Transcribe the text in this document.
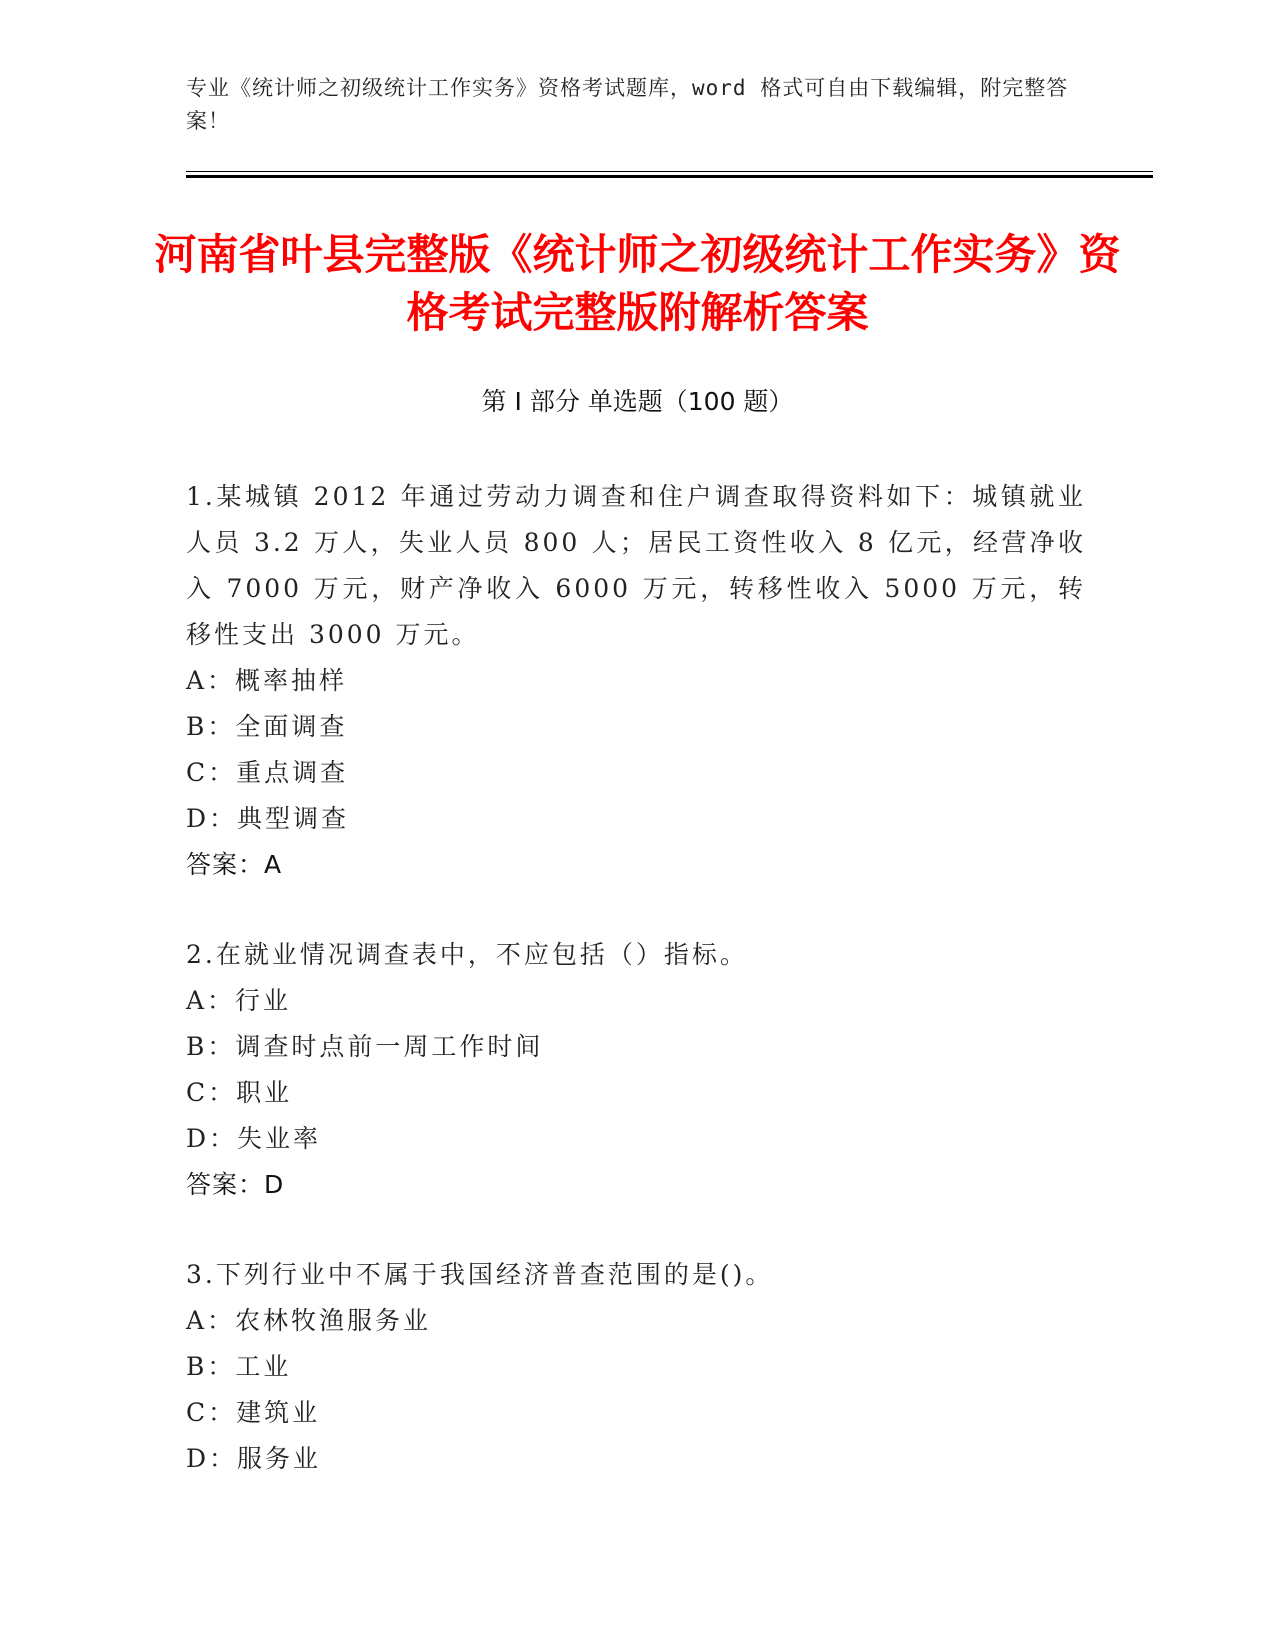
专业《统计师之初级统计工作实务》资格考试题库，word 格式可自由下载编辑，附完整答案！
河南省叶县完整版《统计师之初级统计工作实务》资格考试完整版附解析答案
第 I 部分 单选题（100 题）
1.某城镇 2012 年通过劳动力调查和住户调查取得资料如下：城镇就业人员 3.2 万人，失业人员 800 人；居民工资性收入 8 亿元，经营净收入 7000 万元，财产净收入 6000 万元，转移性收入 5000 万元，转移性支出 3000 万元。
A：概率抽样
B：全面调查
C：重点调查
D：典型调查
答案：A
2.在就业情况调查表中，不应包括（）指标。
A：行业
B：调查时点前一周工作时间
C：职业
D：失业率
答案：D
3.下列行业中不属于我国经济普查范围的是()。
A：农林牧渔服务业
B：工业
C：建筑业
D：服务业
